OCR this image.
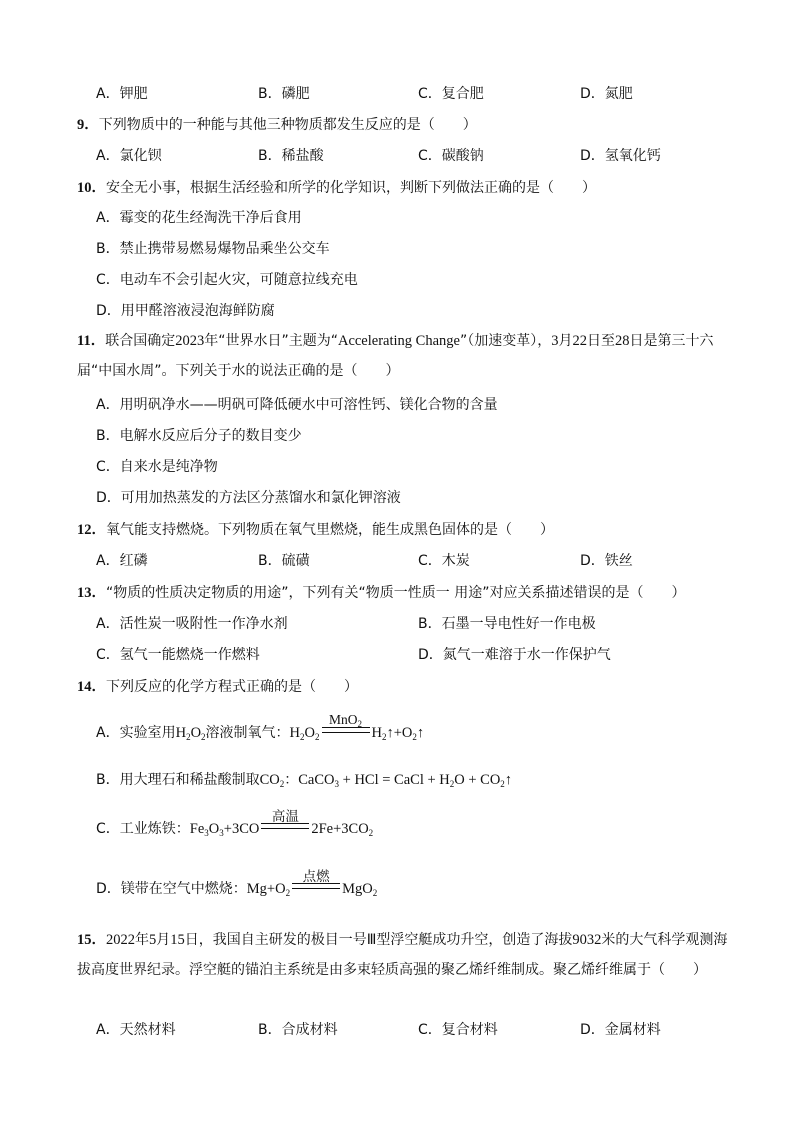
A．钾肥	B．磷肥	C．复合肥	D．氮肥
9．下列物质中的一种能与其他三种物质都发生反应的是（　　）
A．氯化钡	B．稀盐酸	C．碳酸钠	D．氢氧化钙
10．安全无小事，根据生活经验和所学的化学知识，判断下列做法正确的是（　　）
A．霉变的花生经淘洗干净后食用
B．禁止携带易燃易爆物品乘坐公交车
C．电动车不会引起火灾，可随意拉线充电
D．用甲醛溶液浸泡海鲜防腐
11．联合国确定2023年“世界水日”主题为“Accelerating Change”（加速变革），3月22日至28日是第三十六届“中国水周”。下列关于水的说法正确的是（　　）
A．用明矾净水——明矾可降低硬水中可溶性钙、镁化合物的含量
B．电解水反应后分子的数目变少
C．自来水是纯净物
D．可用加热蒸发的方法区分蒸馏水和氯化钾溶液
12．氧气能支持燃烧。下列物质在氧气里燃烧，能生成黑色固体的是（　　）
A．红磷	B．硫磺	C．木炭	D．铁丝
13．“物质的性质决定物质的用途”，下列有关“物质一性质一 用途”对应关系描述错误的是（　　）
A．活性炭一吸附性一作净水剂	B．石墨一导电性好一作电极
C．氢气一能燃烧一作燃料	D．氮气一难溶于水一作保护气
14．下列反应的化学方程式正确的是（　　）
A．实验室用$H_2O_2$溶液制氧气：$H_2O_2$
MnO$_2$
$H_2↑+O_2↑$
B．用大理石和稀盐酸制取$CO_2$：CaCO$_3$ + HCl = CaCl + $H_2O$ + $CO_2↑$
C．工业炼铁：$Fe_3O_3+3CO$
高温
$2Fe+3CO_2$
D．镁带在空气中燃烧：$Mg+O_2$
点燃
MgO$_2$
15．2022年5月15日，我国自主研发的极目一号Ⅲ型浮空艇成功升空，创造了海拔9032米的大气科学观测海拔高度世界纪录。浮空艇的锚泊主系统是由多束轻质高强的聚乙烯纤维制成。聚乙烯纤维属于（　　）
A．天然材料	B．合成材料	C．复合材料	D．金属材料
